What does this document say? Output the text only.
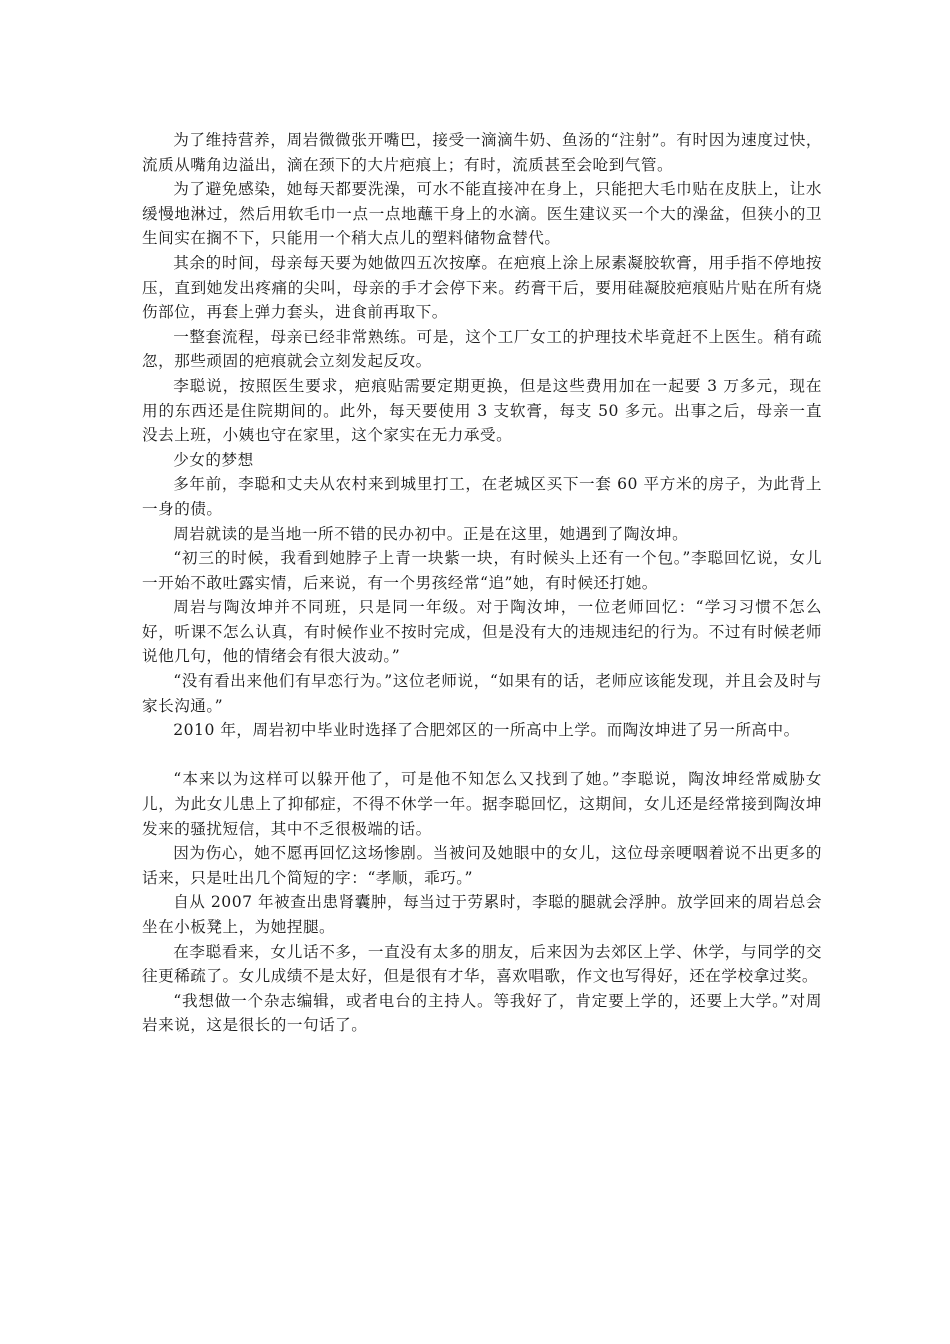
为了维持营养，周岩微微张开嘴巴，接受一滴滴牛奶、鱼汤的“注射”。有时因为速度过快，流质从嘴角边溢出，滴在颈下的大片疤痕上；有时，流质甚至会呛到气管。

为了避免感染，她每天都要洗澡，可水不能直接冲在身上，只能把大毛巾贴在皮肤上，让水缓慢地淋过，然后用软毛巾一点一点地蘸干身上的水滴。医生建议买一个大的澡盆，但狭小的卫生间实在搁不下，只能用一个稍大点儿的塑料储物盒替代。

其余的时间，母亲每天要为她做四五次按摩。在疤痕上涂上尿素凝胶软膏，用手指不停地按压，直到她发出疼痛的尖叫，母亲的手才会停下来。药膏干后，要用硅凝胶疤痕贴片贴在所有烧伤部位，再套上弹力套头，进食前再取下。

一整套流程，母亲已经非常熟练。可是，这个工厂女工的护理技术毕竟赶不上医生。稍有疏忽，那些顽固的疤痕就会立刻发起反攻。

李聪说，按照医生要求，疤痕贴需要定期更换，但是这些费用加在一起要 3 万多元，现在用的东西还是住院期间的。此外，每天要使用 3 支软膏，每支 50 多元。出事之后，母亲一直没去上班，小姨也守在家里，这个家实在无力承受。

少女的梦想

多年前，李聪和丈夫从农村来到城里打工，在老城区买下一套 60 平方米的房子，为此背上一身的债。

周岩就读的是当地一所不错的民办初中。正是在这里，她遇到了陶汝坤。

“初三的时候，我看到她脖子上青一块紫一块，有时候头上还有一个包。”李聪回忆说，女儿一开始不敢吐露实情，后来说，有一个男孩经常“追”她，有时候还打她。

周岩与陶汝坤并不同班，只是同一年级。对于陶汝坤，一位老师回忆：“学习习惯不怎么好，听课不怎么认真，有时候作业不按时完成，但是没有大的违规违纪的行为。不过有时候老师说他几句，他的情绪会有很大波动。”

“没有看出来他们有早恋行为。”这位老师说，“如果有的话，老师应该能发现，并且会及时与家长沟通。”

2010 年，周岩初中毕业时选择了合肥郊区的一所高中上学。而陶汝坤进了另一所高中。

“本来以为这样可以躲开他了，可是他不知怎么又找到了她。”李聪说，陶汝坤经常威胁女儿，为此女儿患上了抑郁症，不得不休学一年。据李聪回忆，这期间，女儿还是经常接到陶汝坤发来的骚扰短信，其中不乏很极端的话。

因为伤心，她不愿再回忆这场惨剧。当被问及她眼中的女儿，这位母亲哽咽着说不出更多的话来，只是吐出几个简短的字：“孝顺，乖巧。”

自从 2007 年被查出患肾囊肿，每当过于劳累时，李聪的腿就会浮肿。放学回来的周岩总会坐在小板凳上，为她捏腿。

在李聪看来，女儿话不多，一直没有太多的朋友，后来因为去郊区上学、休学，与同学的交往更稀疏了。女儿成绩不是太好，但是很有才华，喜欢唱歌，作文也写得好，还在学校拿过奖。

“我想做一个杂志编辑，或者电台的主持人。等我好了，肯定要上学的，还要上大学。”对周岩来说，这是很长的一句话了。
